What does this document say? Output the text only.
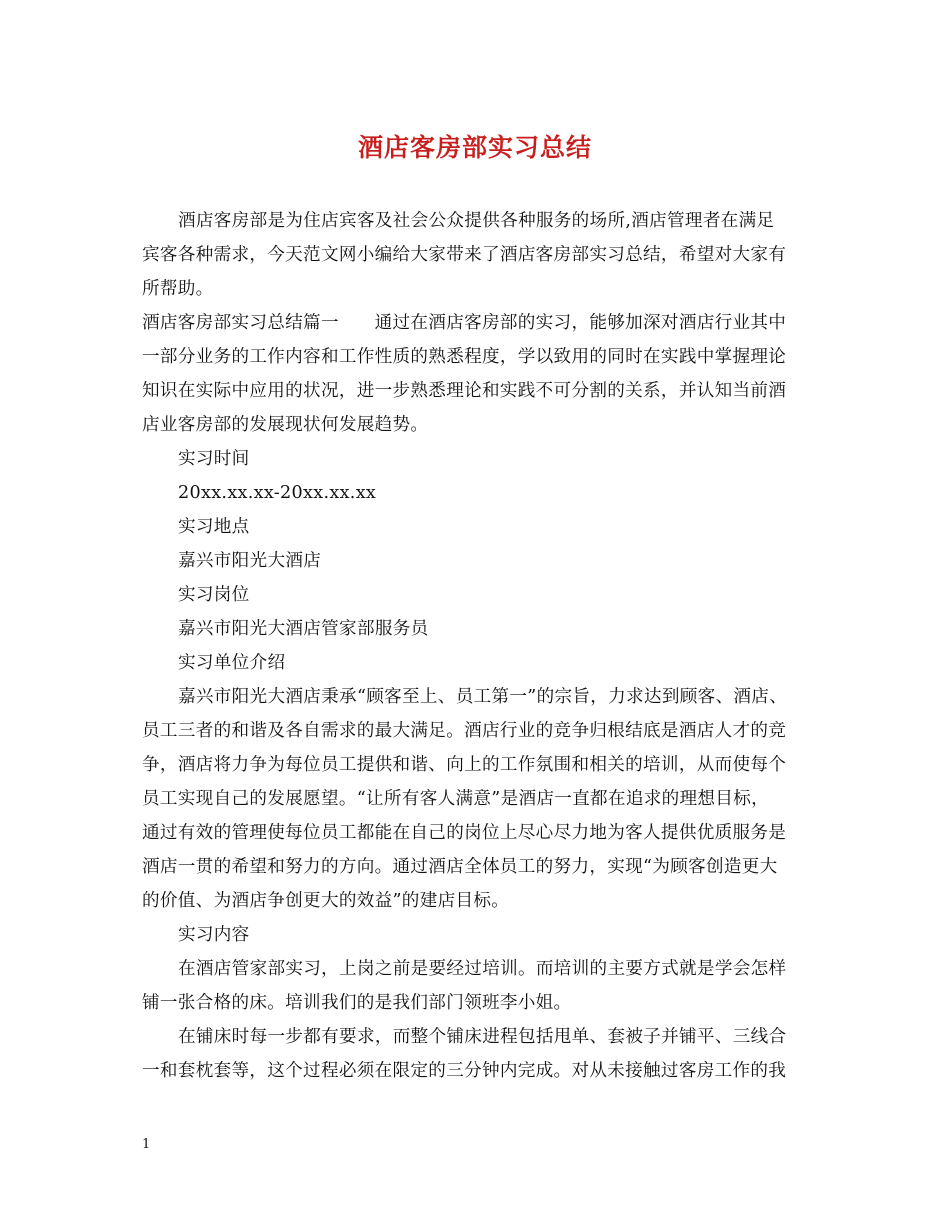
酒店客房部实习总结

酒店客房部是为住店宾客及社会公众提供各种服务的场所,酒店管理者在满足

宾客各种需求，今天范文网小编给大家带来了酒店客房部实习总结，希望对大家有

所帮助。

酒店客房部实习总结篇一　　通过在酒店客房部的实习，能够加深对酒店行业其中

一部分业务的工作内容和工作性质的熟悉程度，学以致用的同时在实践中掌握理论

知识在实际中应用的状况，进一步熟悉理论和实践不可分割的关系，并认知当前酒

店业客房部的发展现状何发展趋势。

实习时间

20xx.xx.xx-20xx.xx.xx

实习地点

嘉兴市阳光大酒店

实习岗位

嘉兴市阳光大酒店管家部服务员

实习单位介绍

嘉兴市阳光大酒店秉承“顾客至上、员工第一”的宗旨，力求达到顾客、酒店、

员工三者的和谐及各自需求的最大满足。酒店行业的竞争归根结底是酒店人才的竞

争，酒店将力争为每位员工提供和谐、向上的工作氛围和相关的培训，从而使每个

员工实现自己的发展愿望。“让所有客人满意”是酒店一直都在追求的理想目标，

通过有效的管理使每位员工都能在自己的岗位上尽心尽力地为客人提供优质服务是

酒店一贯的希望和努力的方向。通过酒店全体员工的努力，实现“为顾客创造更大

的价值、为酒店争创更大的效益”的建店目标。

实习内容

在酒店管家部实习，上岗之前是要经过培训。而培训的主要方式就是学会怎样

铺一张合格的床。培训我们的是我们部门领班李小姐。

在铺床时每一步都有要求，而整个铺床进程包括甩单、套被子并铺平、三线合

一和套枕套等，这个过程必须在限定的三分钟内完成。对从未接触过客房工作的我

1
